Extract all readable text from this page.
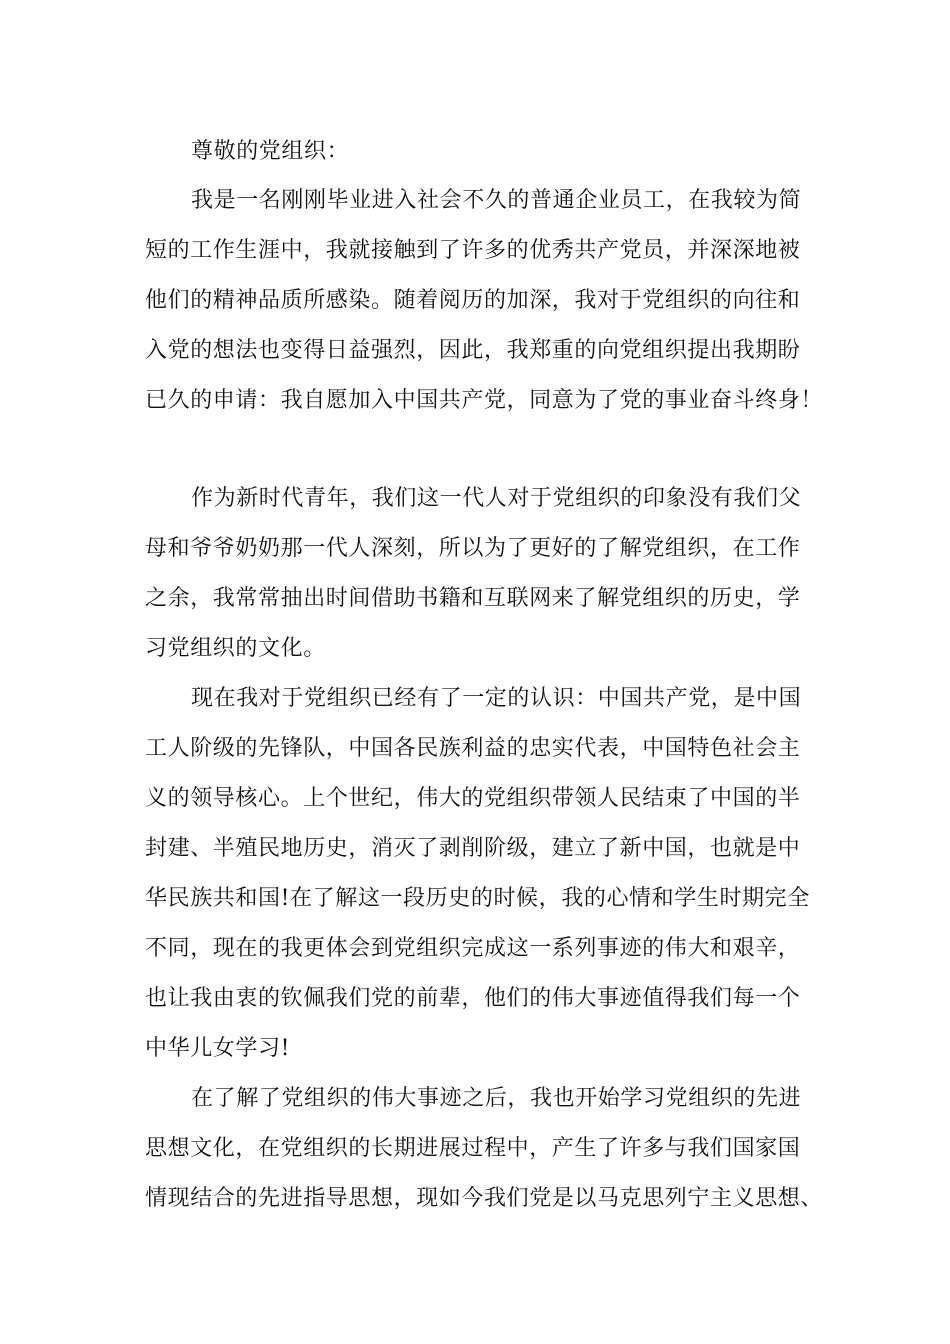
尊敬的党组织：
我是一名刚刚毕业进入社会不久的普通企业员工，在我较为简
短的工作生涯中，我就接触到了许多的优秀共产党员，并深深地被
他们的精神品质所感染。随着阅历的加深，我对于党组织的向往和
入党的想法也变得日益强烈，因此，我郑重的向党组织提出我期盼
已久的申请：我自愿加入中国共产党，同意为了党的事业奋斗终身！
作为新时代青年，我们这一代人对于党组织的印象没有我们父
母和爷爷奶奶那一代人深刻，所以为了更好的了解党组织，在工作
之余，我常常抽出时间借助书籍和互联网来了解党组织的历史，学
习党组织的文化。
现在我对于党组织已经有了一定的认识：中国共产党，是中国
工人阶级的先锋队，中国各民族利益的忠实代表，中国特色社会主
义的领导核心。上个世纪，伟大的党组织带领人民结束了中国的半
封建、半殖民地历史，消灭了剥削阶级，建立了新中国，也就是中
华民族共和国!在了解这一段历史的时候，我的心情和学生时期完全
不同，现在的我更体会到党组织完成这一系列事迹的伟大和艰辛，
也让我由衷的钦佩我们党的前辈，他们的伟大事迹值得我们每一个
中华儿女学习!
在了解了党组织的伟大事迹之后，我也开始学习党组织的先进
思想文化，在党组织的长期进展过程中，产生了许多与我们国家国
情现结合的先进指导思想，现如今我们党是以马克思列宁主义思想、
